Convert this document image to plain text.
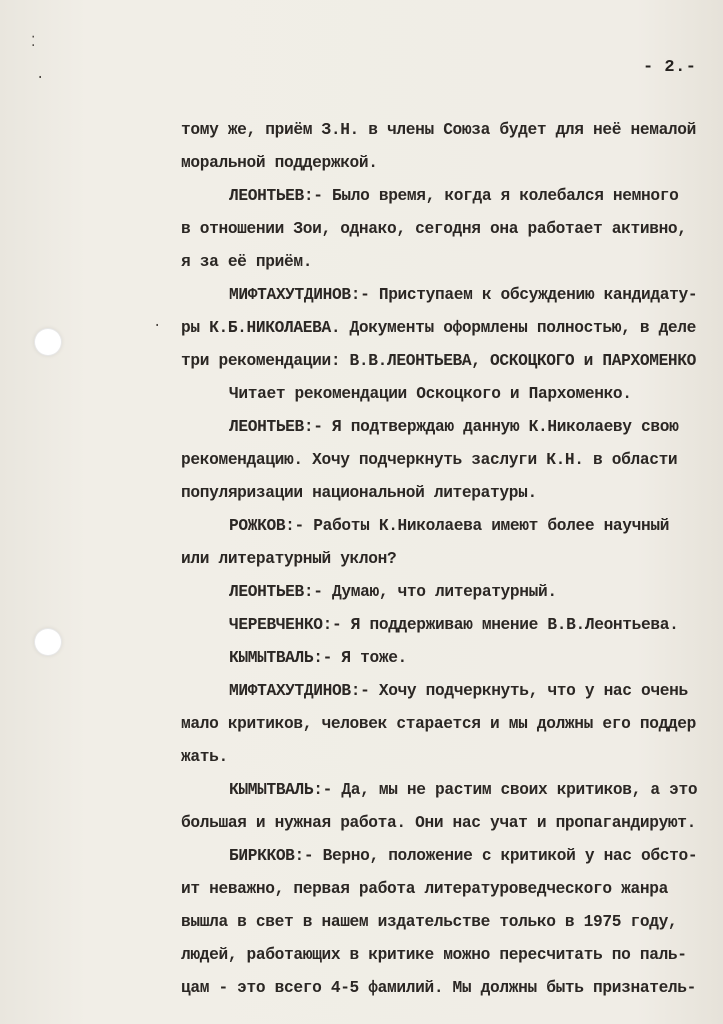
⁚
·
·
- 2.-
тому же, приём З.Н. в члены Союза будет для неё немалой
моральной поддержкой.
ЛЕОНТЬЕВ:- Было время, когда я колебался немного
в отношении Зои, однако, сегодня она работает активно,
я за её приём.
МИФТАХУТДИНОВ:- Приступаем к обсуждению кандидату-
ры К.Б.НИКОЛАЕВА. Документы оформлены полностью, в деле
три рекомендации: В.В.ЛЕОНТЬЕВА, ОСКОЦКОГО и ПАРХОМЕНКО
Читает рекомендации Оскоцкого и Пархоменко.
ЛЕОНТЬЕВ:- Я подтверждаю данную К.Николаеву свою
рекомендацию. Хочу подчеркнуть заслуги К.Н. в области
популяризации национальной литературы.
РОЖКОВ:- Работы К.Николаева имеют более научный
или литературный уклон?
ЛЕОНТЬЕВ:- Думаю, что литературный.
ЧЕРЕВЧЕНКО:- Я поддерживаю мнение В.В.Леонтьева.
КЫМЫТВАЛЬ:- Я тоже.
МИФТАХУТДИНОВ:- Хочу подчеркнуть, что у нас очень
мало критиков, человек старается и мы должны его поддер
жать.
КЫМЫТВАЛЬ:- Да, мы не растим своих критиков, а это
большая и нужная работа. Они нас учат и пропагандируют.
БИРККОВ:- Верно, положение с критикой у нас обсто-
ит неважно, первая работа литературоведческого жанра
вышла в свет в нашем издательстве только в 1975 году,
людей, работающих в критике можно пересчитать по паль-
цам - это всего 4-5 фамилий. Мы должны быть признатель-
